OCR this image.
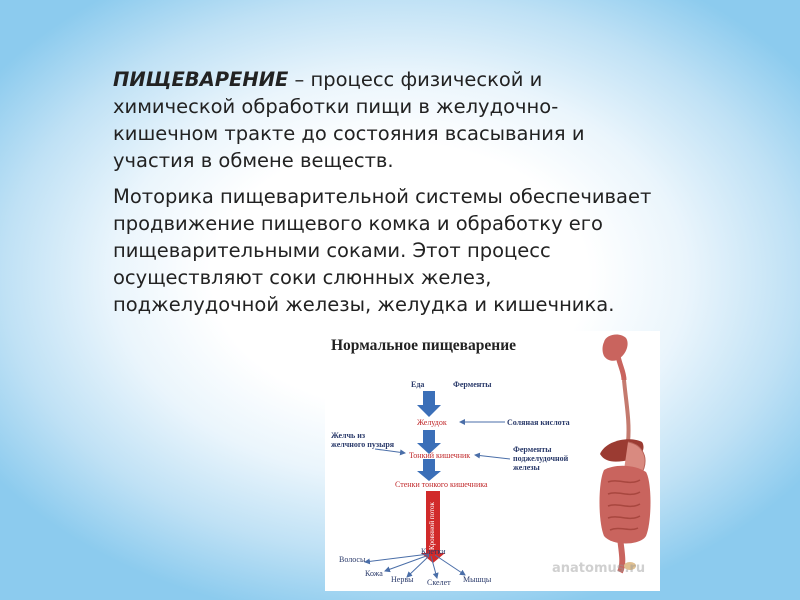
ПИЩЕВАРЕНИЕ – процесс физической и химической обработки пищи в желудочно-кишечном тракте до состояния всасывания и участия в обмене веществ.

Моторика пищеварительной системы обеспечивает продвижение пищевого комка и обработку его пищеварительными соками. Этот процесс осуществляют соки слюнных желез, поджелудочной железы, желудка и кишечника.

Нормальное пищеварение
Еда	Ферменты
Желудок	Соляная кислота
Желчь из
желчного пузыря
Тонкий кишечник
Ферменты
поджелудочной
железы
Стенки тонкого кишечника
Кровяной поток
Клетки
Волосы
Кожа
Нервы Скелет Мышцы
anatomus.ru
